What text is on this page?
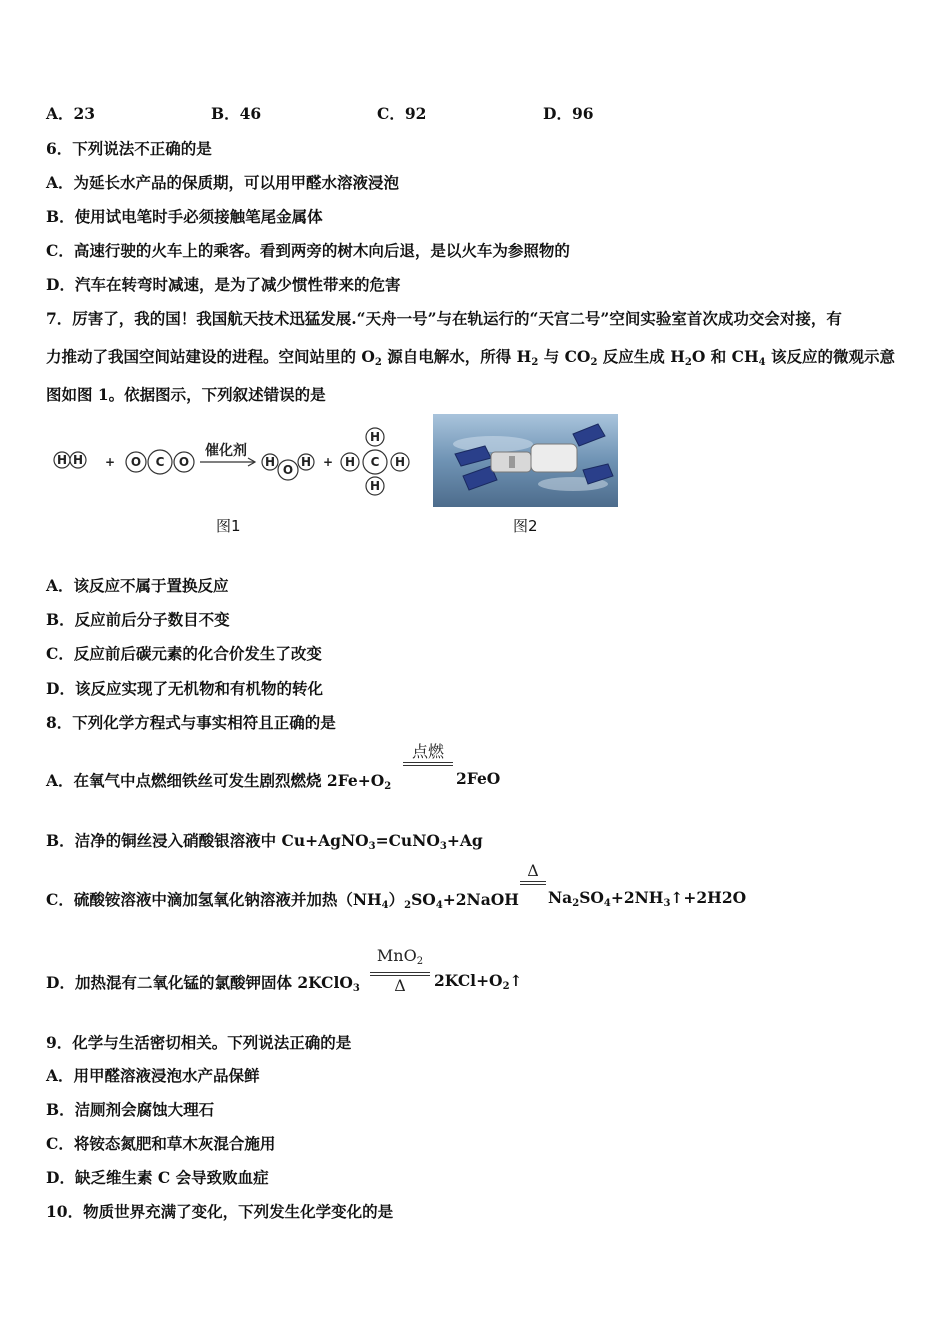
A．23	B．46	C．92	D．96
6．下列说法不正确的是
A．为延长水产品的保质期，可以用甲醛水溶液浸泡
B．使用试电笔时手必须接触笔尾金属体
C．高速行驶的火车上的乘客。看到两旁的树木向后退，是以火车为参照物的
D．汽车在转弯时减速，是为了减少惯性带来的危害
7．厉害了，我的国！我国航天技术迅猛发展.“天舟一号”与在轨运行的“天宫二号”空间实验室首次成功交会对接，有
力推动了我国空间站建设的进程。空间站里的 $O_2$ 源自电解水，所得 $H_2$ 与 $CO_2$ 反应生成 $H_2O$ 和 $CH_4$ 该反应的微观示意
图如图 1。依据图示，下列叙述错误的是
H H + O C O
催化剂
H
O
H + H C H
H
H
图1	图2
A．该反应不属于置换反应
B．反应前后分子数目不变
C．反应前后碳元素的化合价发生了改变
D．该反应实现了无机物和有机物的转化
8．下列化学方程式与事实相符且正确的是
A．在氧气中点燃细铁丝可发生剧烈燃烧 $2Fe+O_2$
点燃
2FeO
B．洁净的铜丝浸入硝酸银溶液中 Cu+AgNO$_3$=CuNO$_3$+Ag
C．硫酸铵溶液中滴加氢氧化钠溶液并加热$(NH_4)_2SO_4+2NaOH$
Δ
$Na_2SO_4+2NH_3↑+2H2O$
D．加热混有二氧化锰的氯酸钾固体 2KClO$_3$
MnO$_2$
Δ	$2KCl+O_2↑$
9．化学与生活密切相关。下列说法正确的是
A．用甲醛溶液浸泡水产品保鲜
B．洁厕剂会腐蚀大理石
C．将铵态氮肥和草木灰混合施用
D．缺乏维生素 C 会导致败血症
10．物质世界充满了变化，下列发生化学变化的是
